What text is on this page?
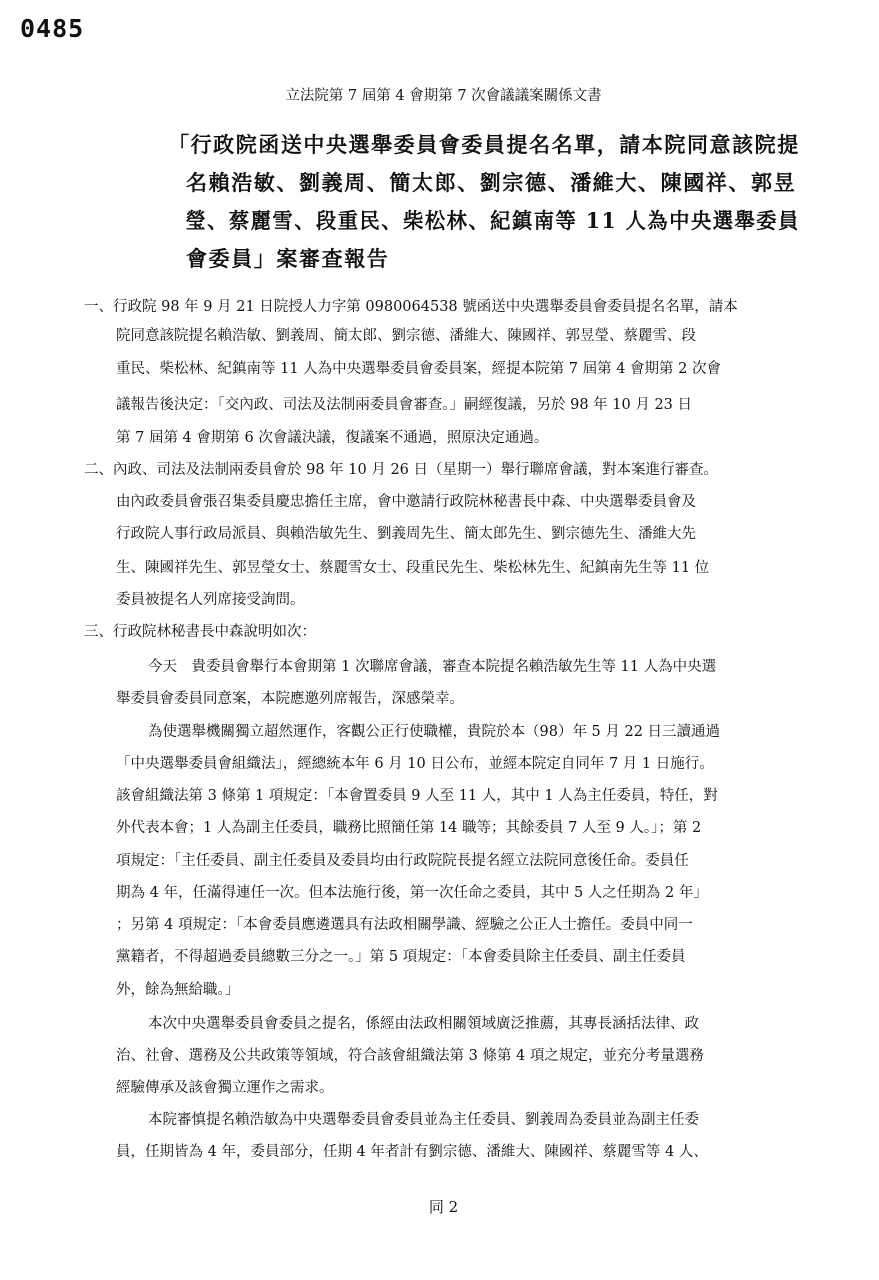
0485
立法院第 7 屆第 4 會期第 7 次會議議案關係文書
「行政院函送中央選舉委員會委員提名名單，請本院同意該院提
名賴浩敏、劉義周、簡太郎、劉宗德、潘維大、陳國祥、郭昱
瑩、蔡麗雪、段重民、柴松林、紀鎮南等 11 人為中央選舉委員
會委員」案審查報告
一、行政院 98 年 9 月 21 日院授人力字第 0980064538 號函送中央選舉委員會委員提名名單，請本
院同意該院提名賴浩敏、劉義周、簡太郎、劉宗德、潘維大、陳國祥、郭昱瑩、蔡麗雪、段
重民、柴松林、紀鎮南等 11 人為中央選舉委員會委員案，經提本院第 7 屆第 4 會期第 2 次會
議報告後決定：「交內政、司法及法制兩委員會審查。」嗣經復議，另於 98 年 10 月 23 日
第 7 屆第 4 會期第 6 次會議決議，復議案不通過，照原決定通過。
二、內政、司法及法制兩委員會於 98 年 10 月 26 日（星期一）舉行聯席會議，對本案進行審查。
由內政委員會張召集委員慶忠擔任主席，會中邀請行政院林秘書長中森、中央選舉委員會及
行政院人事行政局派員、與賴浩敏先生、劉義周先生、簡太郎先生、劉宗德先生、潘維大先
生、陳國祥先生、郭昱瑩女士、蔡麗雪女士、段重民先生、柴松林先生、紀鎮南先生等 11 位
委員被提名人列席接受詢問。
三、行政院林秘書長中森說明如次：
今天　貴委員會舉行本會期第 1 次聯席會議，審查本院提名賴浩敏先生等 11 人為中央選
舉委員會委員同意案，本院應邀列席報告，深感榮幸。
為使選舉機關獨立超然運作，客觀公正行使職權，貴院於本（98）年 5 月 22 日三讀通過
「中央選舉委員會組織法」，經總統本年 6 月 10 日公布，並經本院定自同年 7 月 1 日施行。
該會組織法第 3 條第 1 項規定：「本會置委員 9 人至 11 人，其中 1 人為主任委員，特任，對
外代表本會；1 人為副主任委員，職務比照簡任第 14 職等；其餘委員 7 人至 9 人。」；第 2
項規定：「主任委員、副主任委員及委員均由行政院院長提名經立法院同意後任命。委員任
期為 4 年，任滿得連任一次。但本法施行後，第一次任命之委員，其中 5 人之任期為 2 年」
；另第 4 項規定：「本會委員應遴選具有法政相關學識、經驗之公正人士擔任。委員中同一
黨籍者，不得超過委員總數三分之一。」第 5 項規定：「本會委員除主任委員、副主任委員
外，餘為無給職。」
本次中央選舉委員會委員之提名，係經由法政相關領域廣泛推薦，其專長涵括法律、政
治、社會、選務及公共政策等領域，符合該會組織法第 3 條第 4 項之規定，並充分考量選務
經驗傳承及該會獨立運作之需求。
本院審慎提名賴浩敏為中央選舉委員會委員並為主任委員、劉義周為委員並為副主任委
員，任期皆為 4 年，委員部分，任期 4 年者計有劉宗德、潘維大、陳國祥、蔡麗雪等 4 人、
同 2
